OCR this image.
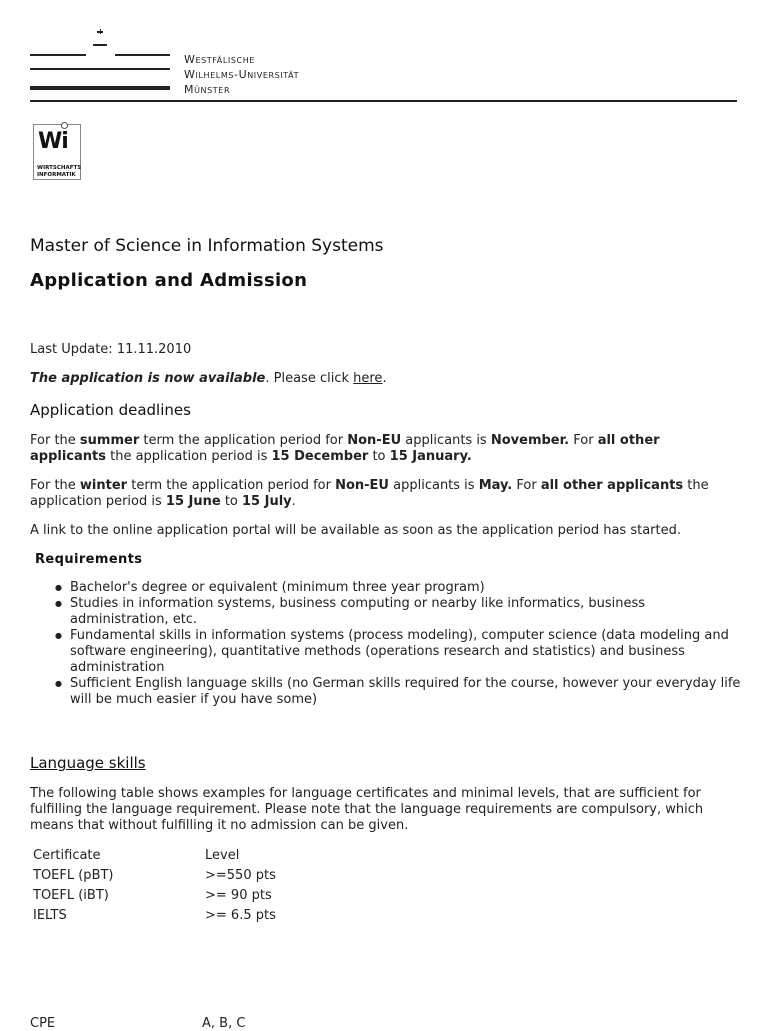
Westfälische
Wilhelms-Universität
Münster
Wi
WIRTSCHAFTS
INFORMATIK
Master of Science in Information Systems
Application and Admission

Last Update: 11.11.2010

The application is now available. Please click here.

Application deadlines

For the summer term the application period for Non-EU applicants is November. For all other applicants the application period is 15 December to 15 January.

For the winter term the application period for Non-EU applicants is May. For all other applicants the application period is 15 June to 15 July.

A link to the online application portal will be available as soon as the application period has started.

Requirements

● Bachelor's degree or equivalent (minimum three year program)
● Studies in information systems, business computing or nearby like informatics, business administration, etc.
● Fundamental skills in information systems (process modeling), computer science (data modeling and software engineering), quantitative methods (operations research and statistics) and business administration
● Sufficient English language skills (no German skills required for the course, however your everyday life will be much easier if you have some)

Language skills

The following table shows examples for language certificates and minimal levels, that are sufficient for fulfilling the language requirement. Please note that the language requirements are compulsory, which means that without fulfilling it no admission can be given.

Certificate	Level
TOEFL (pBT)	>=550 pts
TOEFL (iBT)	>= 90 pts
IELTS	>= 6.5 pts
CPE	A, B, C
